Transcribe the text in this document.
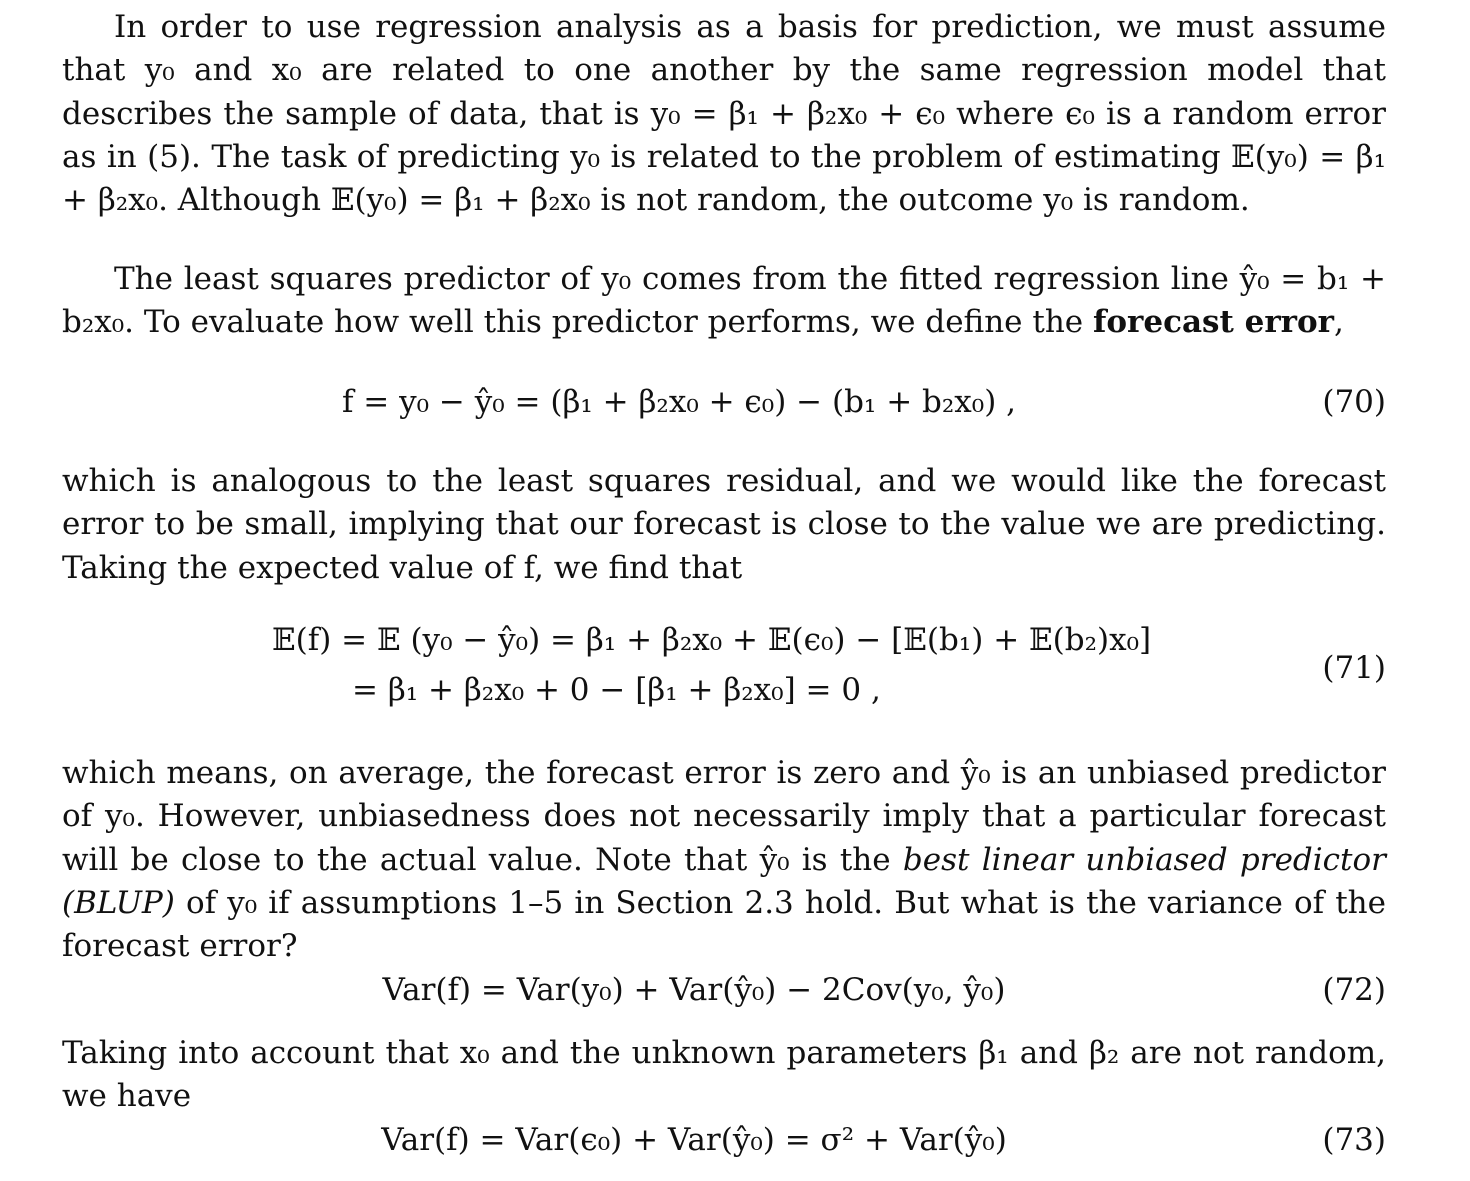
In order to use regression analysis as a basis for prediction, we must assume that y₀ and x₀ are related to one another by the same regression model that describes the sample of data, that is y₀ = β₁ + β₂x₀ + ϵ₀ where ϵ₀ is a random error as in (5). The task of predicting y₀ is related to the problem of estimating 𝔼(y₀) = β₁ + β₂x₀. Although 𝔼(y₀) = β₁ + β₂x₀ is not random, the outcome y₀ is random.

The least squares predictor of y₀ comes from the fitted regression line ŷ₀ = b₁ + b₂x₀. To evaluate how well this predictor performs, we define the forecast error,

f = y₀ − ŷ₀ = (β₁ + β₂x₀ + ϵ₀) − (b₁ + b₂x₀) ,	(70)

which is analogous to the least squares residual, and we would like the forecast error to be small, implying that our forecast is close to the value we are predicting. Taking the expected value of f, we find that

𝔼(f) = 𝔼 (y₀ − ŷ₀) = β₁ + β₂x₀ + 𝔼(ϵ₀) − [𝔼(b₁) + 𝔼(b₂)x₀]
= β₁ + β₂x₀ + 0 − [β₁ + β₂x₀] = 0 ,
(71)

which means, on average, the forecast error is zero and ŷ₀ is an unbiased predictor of y₀. However, unbiasedness does not necessarily imply that a particular forecast will be close to the actual value. Note that ŷ₀ is the best linear unbiased predictor (BLUP) of y₀ if assumptions 1–5 in Section 2.3 hold. But what is the variance of the forecast error?

Var(f) = Var(y₀) + Var(ŷ₀) − 2Cov(y₀, ŷ₀)	(72)

Taking into account that x₀ and the unknown parameters β₁ and β₂ are not random, we have

Var(f) = Var(ϵ₀) + Var(ŷ₀) = σ² + Var(ŷ₀)	(73)
